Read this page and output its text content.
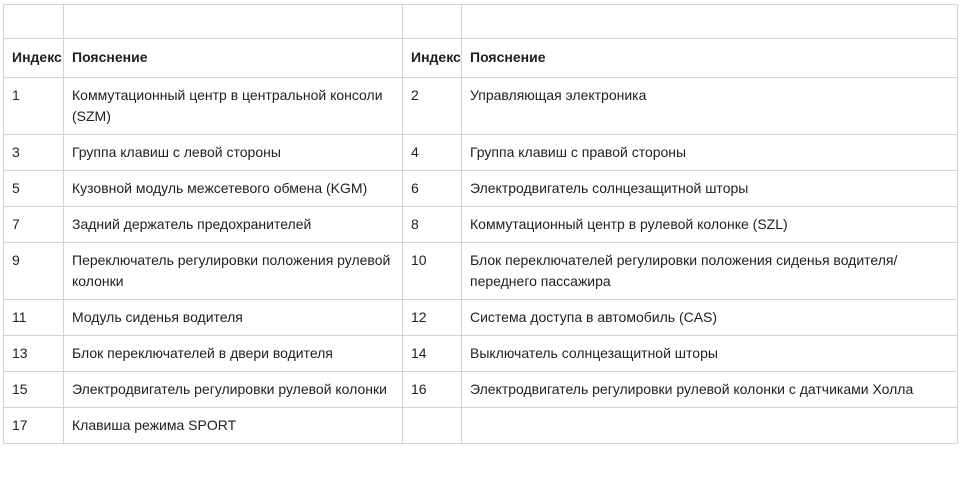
Индекс	Пояснение	Индекс	Пояснение
1	Коммутационный центр в центральной консоли (SZM)	2	Управляющая электроника
3	Группа клавиш с левой стороны	4	Группа клавиш с правой стороны
5	Кузовной модуль межсетевого обмена (KGM)	6	Электродвигатель солнцезащитной шторы
7	Задний держатель предохранителей	8	Коммутационный центр в рулевой колонке (SZL)
9	Переключатель регулировки положения рулевой колонки	10	Блок переключателей регулировки положения сиденья водителя/ переднего пассажира
11	Модуль сиденья водителя	12	Система доступа в автомобиль (CAS)
13	Блок переключателей в двери водителя	14	Выключатель солнцезащитной шторы
15	Электродвигатель регулировки рулевой колонки	16	Электродвигатель регулировки рулевой колонки с датчиками Холла
17	Клавиша режима SPORT		
